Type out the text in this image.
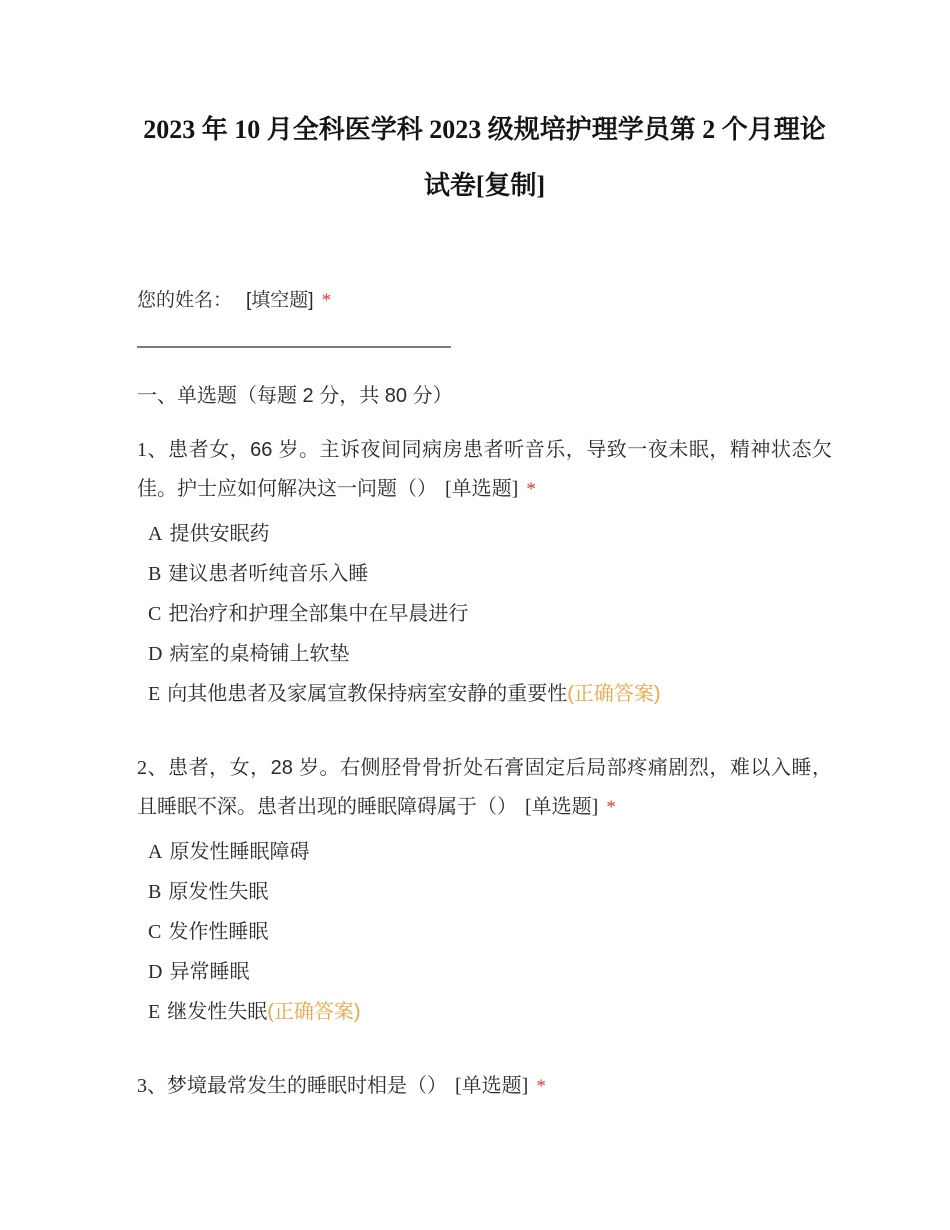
2023 年 10 月全科医学科 2023 级规培护理学员第 2 个月理论
试卷[复制]
您的姓名： [填空题] *
一、单选题（每题 2 分，共 80 分）
1、患者女，66 岁。主诉夜间同病房患者听音乐，导致一夜未眠，精神状态欠佳。护士应如何解决这一问题（） [单选题] *
A 提供安眠药
B 建议患者听纯音乐入睡
C 把治疗和护理全部集中在早晨进行
D 病室的桌椅铺上软垫
E 向其他患者及家属宣教保持病室安静的重要性(正确答案)
2、患者，女，28 岁。右侧胫骨骨折处石膏固定后局部疼痛剧烈，难以入睡，且睡眠不深。患者出现的睡眠障碍属于（） [单选题] *
A 原发性睡眠障碍
B 原发性失眠
C 发作性睡眠
D 异常睡眠
E 继发性失眠(正确答案)
3、梦境最常发生的睡眠时相是（） [单选题] *
